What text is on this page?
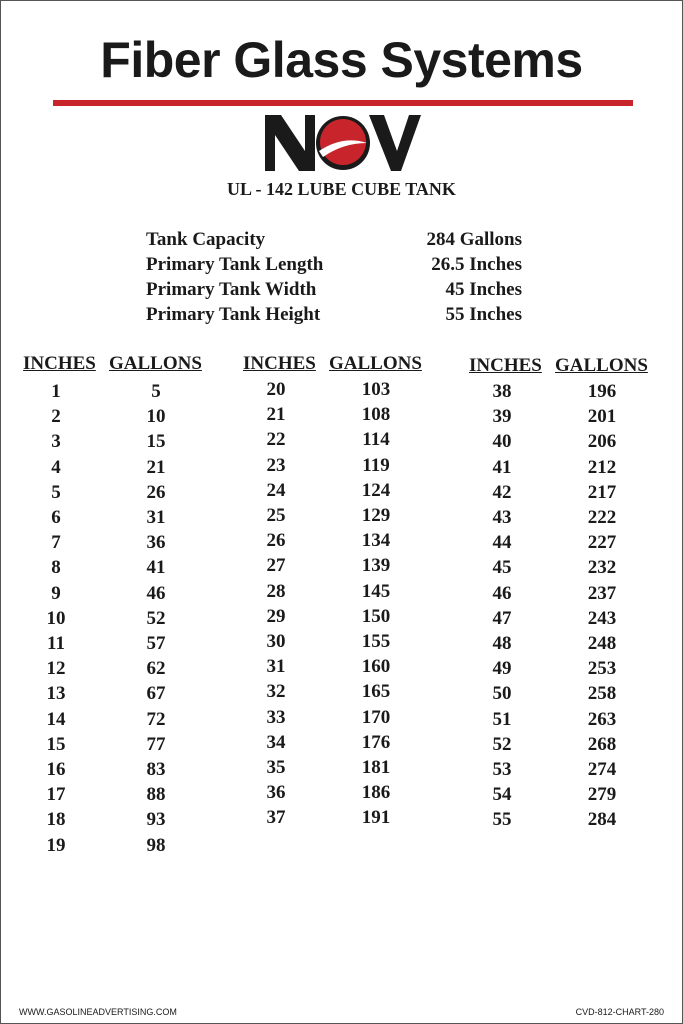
Fiber Glass Systems
UL - 142 LUBE CUBE TANK
Tank Capacity	284 Gallons
Primary Tank Length	26.5 Inches
Primary Tank Width	45 Inches
Primary Tank Height	55 Inches
INCHES GALLONS
1	5
2	10
3	15
4	21
5	26
6	31
7	36
8	41
9	46
10	52
11	57
12	62
13	67
14	72
15	77
16	83
17	88
18	93
19	98
INCHES GALLONS
20	103
21	108
22	114
23	119
24	124
25	129
26	134
27	139
28	145
29	150
30	155
31	160
32	165
33	170
34	176
35	181
36	186
37	191
INCHES GALLONS
38	196
39	201
40	206
41	212
42	217
43	222
44	227
45	232
46	237
47	243
48	248
49	253
50	258
51	263
52	268
53	274
54	279
55	284
WWW.GASOLINEADVERTISING.COM	CVD-812-CHART-280
